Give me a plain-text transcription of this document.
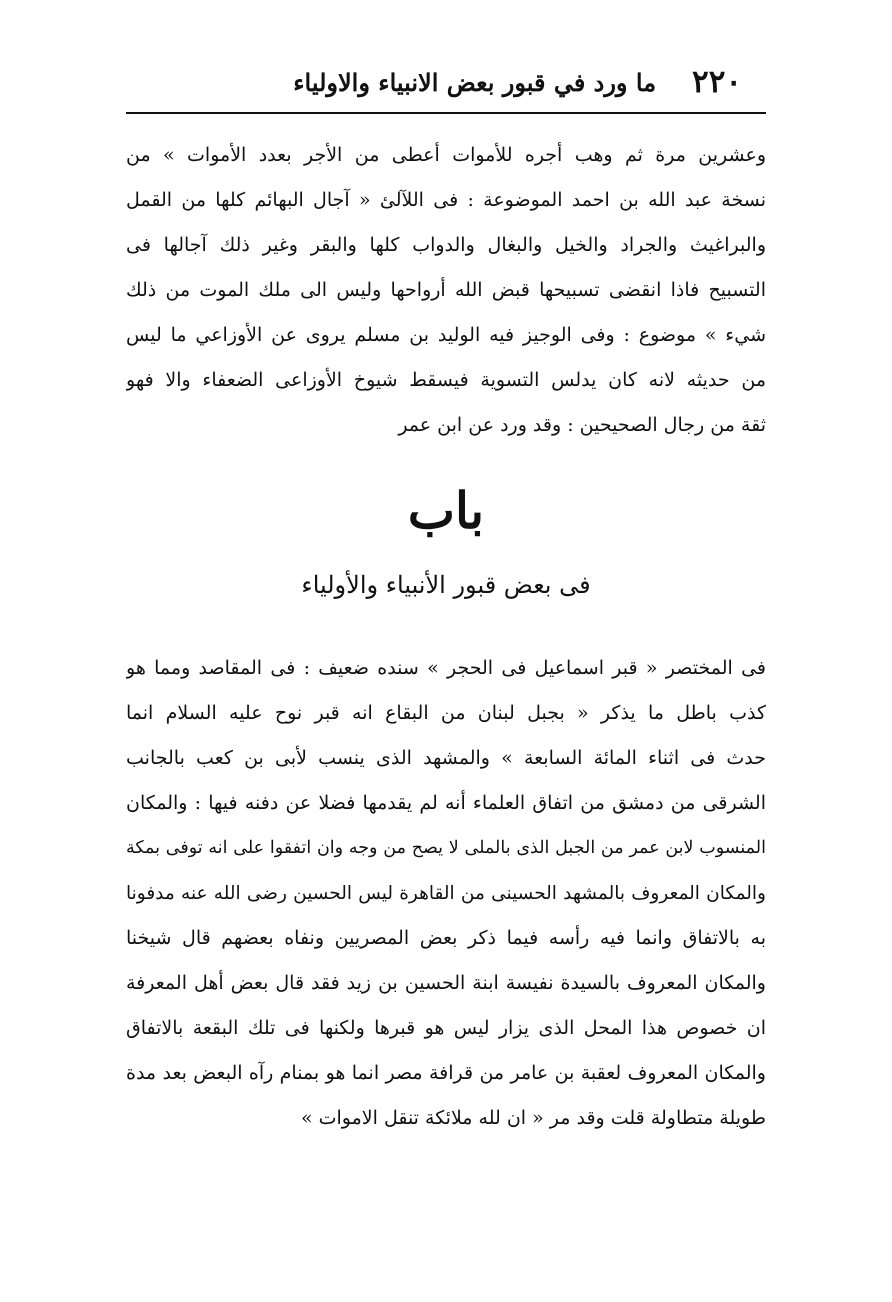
٢٢٠
ما ورد في قبور بعض الانبياء والاولياء
وعشرين مرة ثم وهب أجره للأموات أعطى من الأجر بعدد الأموات » من
نسخة عبد الله بن احمد الموضوعة : فى اللآلئ « آجال البهائم كلها من القمل
والبراغيث والجراد والخيل والبغال والدواب كلها والبقر وغير ذلك آجالها فى
التسبيح فاذا انقضى تسبيحها قبض الله أرواحها وليس الى ملك الموت من ذلك
شيء » موضوع : وفى الوجيز فيه الوليد بن مسلم يروى عن الأوزاعي ما ليس
من حديثه لانه كان يدلس التسوية فيسقط شيوخ الأوزاعى الضعفاء والا فهو
ثقة من رجال الصحيحين : وقد ورد عن ابن عمر
باب
فى بعض قبور الأنبياء والأولياء
فى المختصر « قبر اسماعيل فى الحجر » سنده ضعيف : فى المقاصد ومما هو
كذب باطل ما يذكر « بجبل لبنان من البقاع انه قبر نوح عليه السلام انما
حدث فى اثناء المائة السابعة » والمشهد الذى ينسب لأبى بن كعب بالجانب
الشرقى من دمشق من اتفاق العلماء أنه لم يقدمها فضلا عن دفنه فيها : والمكان
المنسوب لابن عمر من الجبل الذى بالملى لا يصح من وجه وان اتفقوا على انه توفى بمكة
والمكان المعروف بالمشهد الحسينى من القاهرة ليس الحسين رضى الله عنه مدفونا
به بالاتفاق وانما فيه رأسه فيما ذكر بعض المصريين ونفاه بعضهم قال شيخنا
والمكان المعروف بالسيدة نفيسة ابنة الحسين بن زيد فقد قال بعض أهل المعرفة
ان خصوص هذا المحل الذى يزار ليس هو قبرها ولكنها فى تلك البقعة بالاتفاق
والمكان المعروف لعقبة بن عامر من قرافة مصر انما هو بمنام رآه البعض بعد مدة
طويلة متطاولة قلت وقد مر « ان لله ملائكة تنقل الاموات »
